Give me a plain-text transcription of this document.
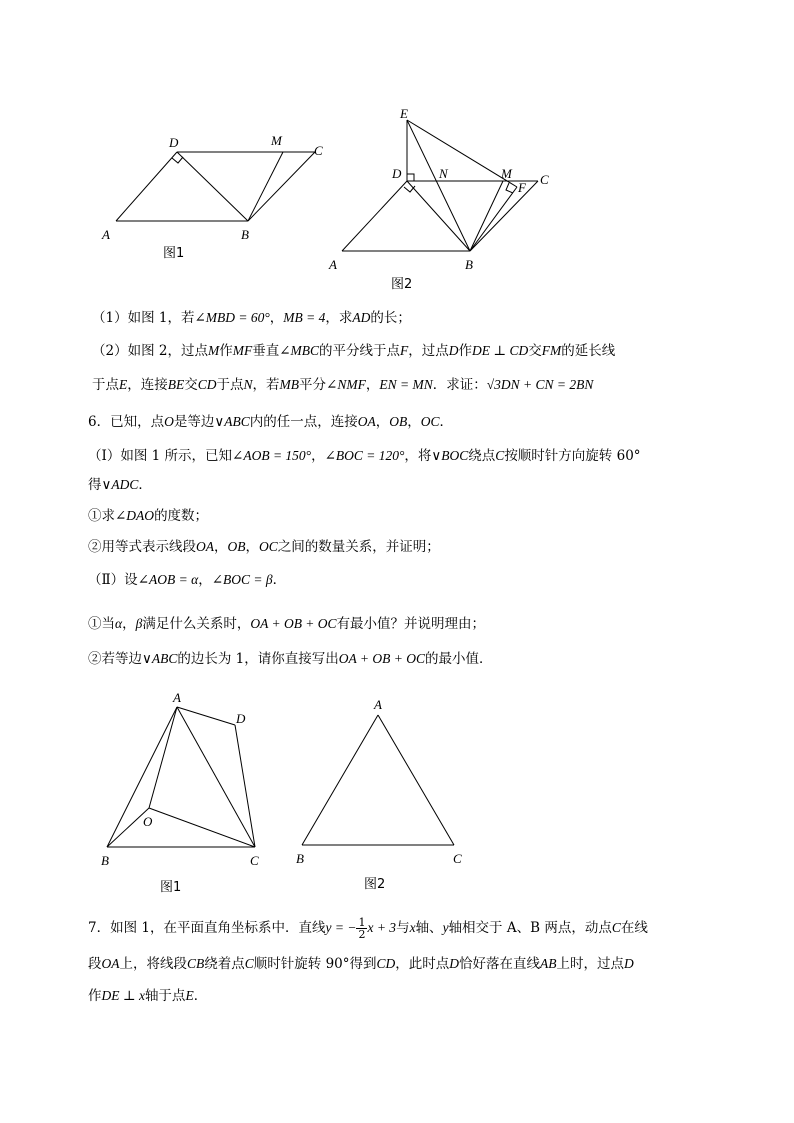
A	B
C
D	M
图1
E
D	N	M
F
C
A	B
图2
（1）如图 1，若∠MBD = 60°，MB = 4，求AD的长；
（2）如图 2，过点M作MF垂直∠MBC的平分线于点F，过点D作DE ⊥ CD交FM的延长线
于点E，连接BE交CD于点N，若MB平分∠NMF，EN = MN．求证：√3DN + CN = 2BN
6．已知，点O是等边∨ABC内的任一点，连接OA，OB，OC．
（Ⅰ）如图 1 所示，已知∠AOB = 150°，∠BOC = 120°，将∨BOC绕点C按顺时针方向旋转 60°
得∨ADC．
①求∠DAO的度数；
②用等式表示线段OA，OB，OC之间的数量关系，并证明；
（Ⅱ）设∠AOB = α，∠BOC = β．
①当α，β满足什么关系时，OA + OB + OC有最小值？并说明理由；
②若等边∨ABC的边长为 1，请你直接写出OA + OB + OC的最小值．
A
D
O
B	C
图1
A
B	C
图2
7．如图 1，在平面直角坐标系中．直线y = − $\frac{1}{2}$ x + 3与x轴、y轴相交于 A、B 两点，动点C在线
段OA上，将线段CB绕着点C顺时针旋转 90°得到CD，此时点D恰好落在直线AB上时，过点D
作DE ⊥ x轴于点E．
